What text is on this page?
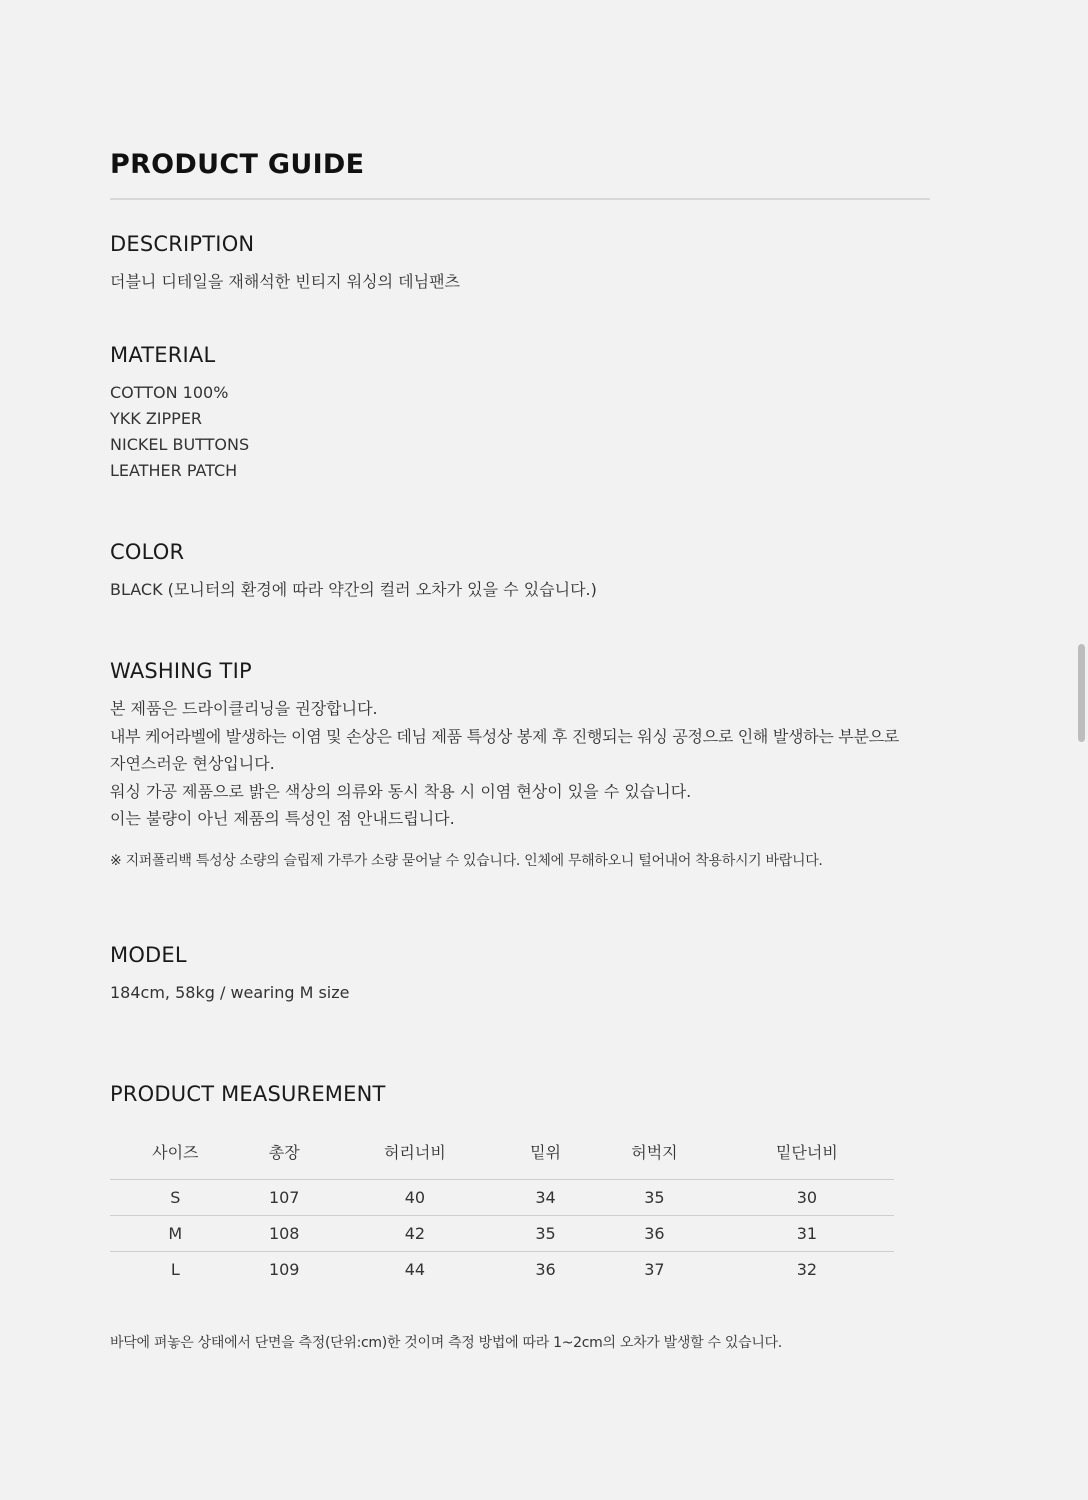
PRODUCT GUIDE
DESCRIPTION

더블니 디테일을 재해석한 빈티지 워싱의 데님팬츠

MATERIAL

COTTON 100%
YKK ZIPPER
NICKEL BUTTONS
LEATHER PATCH

COLOR

BLACK (모니터의 환경에 따라 약간의 컬러 오차가 있을 수 있습니다.)

WASHING TIP

본 제품은 드라이클리닝을 권장합니다.
내부 케어라벨에 발생하는 이염 및 손상은 데님 제품 특성상 봉제 후 진행되는 워싱 공정으로 인해 발생하는 부분으로
자연스러운 현상입니다.
워싱 가공 제품으로 밝은 색상의 의류와 동시 착용 시 이염 현상이 있을 수 있습니다.
이는 불량이 아닌 제품의 특성인 점 안내드립니다.

※ 지퍼폴리백 특성상 소량의 슬립제 가루가 소량 묻어날 수 있습니다. 인체에 무해하오니 털어내어 착용하시기 바랍니다.

MODEL

184cm, 58kg / wearing M size

PRODUCT MEASUREMENT
사이즈	총장	허리너비	밑위	허벅지	밑단너비
S	107	40	34	35	30
M	108	42	35	36	31
L	109	44	36	37	32

바닥에 펴놓은 상태에서 단면을 측정(단위:cm)한 것이며 측정 방법에 따라 1~2cm의 오차가 발생할 수 있습니다.
